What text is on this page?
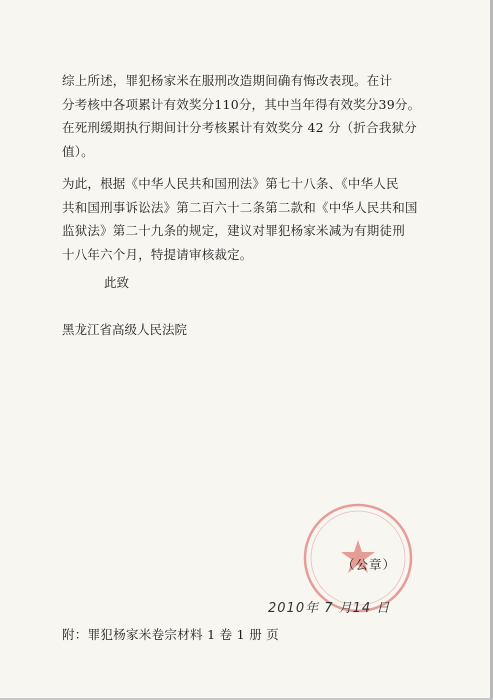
综上所述，罪犯杨家米在服刑改造期间确有悔改表现。在计
分考核中各项累计有效奖分110分，其中当年得有效奖分39分。
在死刑缓期执行期间计分考核累计有效奖分 42 分（折合我狱分
值）。
为此，根据《中华人民共和国刑法》第七十八条、《中华人民
共和国刑事诉讼法》第二百六十二条第二款和《中华人民共和国
监狱法》第二十九条的规定，建议对罪犯杨家米减为有期徒刑
十八年六个月，特提请审核裁定。
此致
黑龙江省高级人民法院
（公章）
2010年 7 月14 日
附：罪犯杨家米卷宗材料 1 卷 1 册 页
